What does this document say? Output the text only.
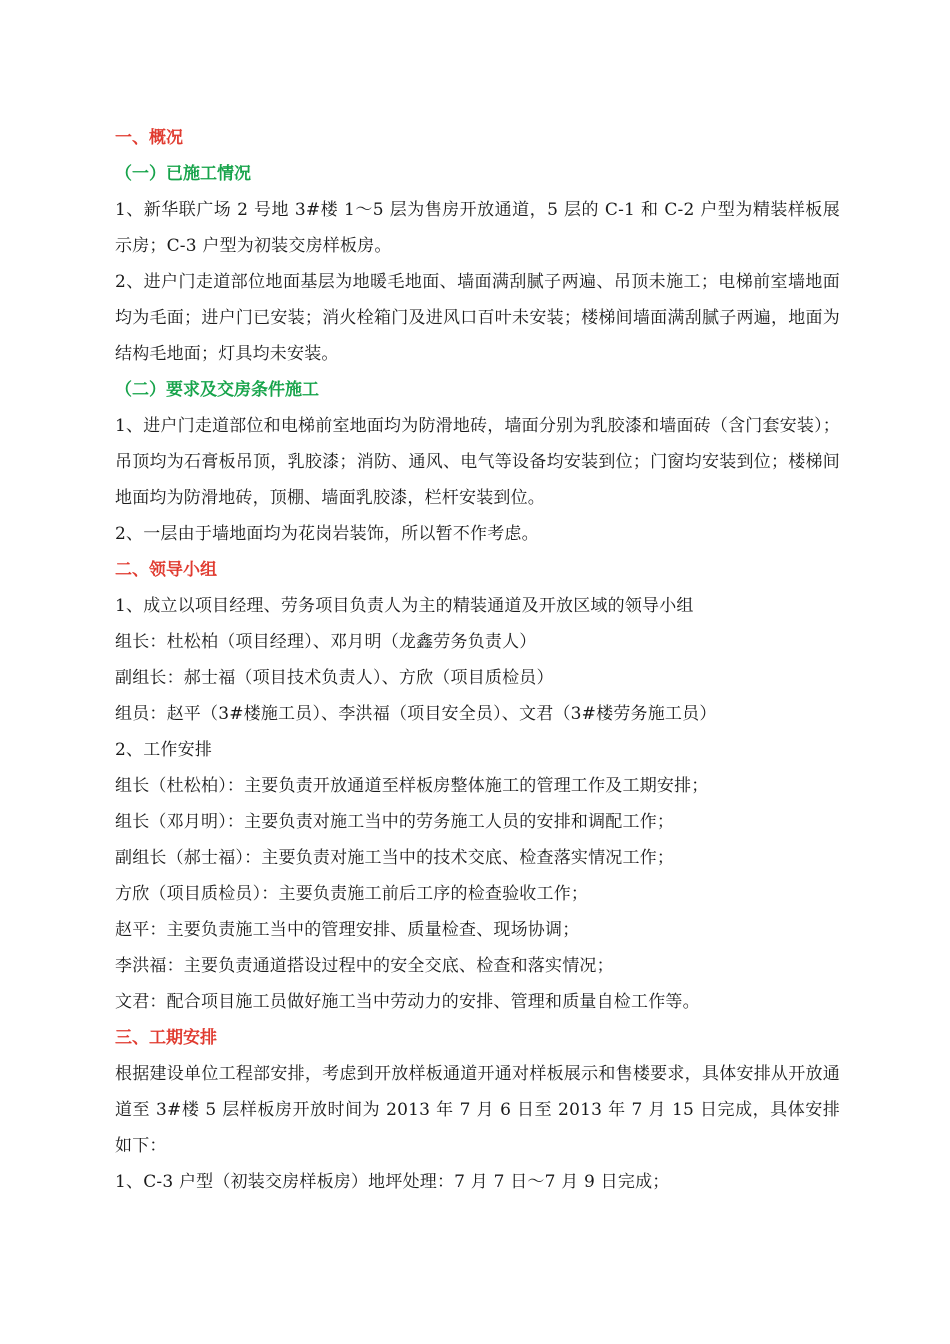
一、概况

（一）已施工情况

1、新华联广场 2 号地 3#楼 1～5 层为售房开放通道，5 层的 C-1 和 C-2 户型为精装样板展示房；C-3 户型为初装交房样板房。

2、进户门走道部位地面基层为地暖毛地面、墙面满刮腻子两遍、吊顶未施工；电梯前室墙地面均为毛面；进户门已安装；消火栓箱门及进风口百叶未安装；楼梯间墙面满刮腻子两遍，地面为结构毛地面；灯具均未安装。

（二）要求及交房条件施工

1、进户门走道部位和电梯前室地面均为防滑地砖，墙面分别为乳胶漆和墙面砖（含门套安装）；吊顶均为石膏板吊顶，乳胶漆；消防、通风、电气等设备均安装到位；门窗均安装到位；楼梯间地面均为防滑地砖，顶棚、墙面乳胶漆，栏杆安装到位。

2、一层由于墙地面均为花岗岩装饰，所以暂不作考虑。

二、领导小组

1、成立以项目经理、劳务项目负责人为主的精装通道及开放区域的领导小组

组长：杜松柏（项目经理）、邓月明（龙鑫劳务负责人）

副组长：郝士福（项目技术负责人）、方欣（项目质检员）

组员：赵平（3#楼施工员）、李洪福（项目安全员）、文君（3#楼劳务施工员）

2、工作安排

组长（杜松柏）：主要负责开放通道至样板房整体施工的管理工作及工期安排；

组长（邓月明）：主要负责对施工当中的劳务施工人员的安排和调配工作；

副组长（郝士福）：主要负责对施工当中的技术交底、检查落实情况工作；

方欣（项目质检员）：主要负责施工前后工序的检查验收工作；

赵平：主要负责施工当中的管理安排、质量检查、现场协调；

李洪福：主要负责通道搭设过程中的安全交底、检查和落实情况；

文君：配合项目施工员做好施工当中劳动力的安排、管理和质量自检工作等。

三、工期安排

根据建设单位工程部安排，考虑到开放样板通道开通对样板展示和售楼要求，具体安排从开放通道至 3#楼 5 层样板房开放时间为 2013 年 7 月 6 日至 2013 年 7 月 15 日完成，具体安排如下：

1、C-3 户型（初装交房样板房）地坪处理：7 月 7 日～7 月 9 日完成；
